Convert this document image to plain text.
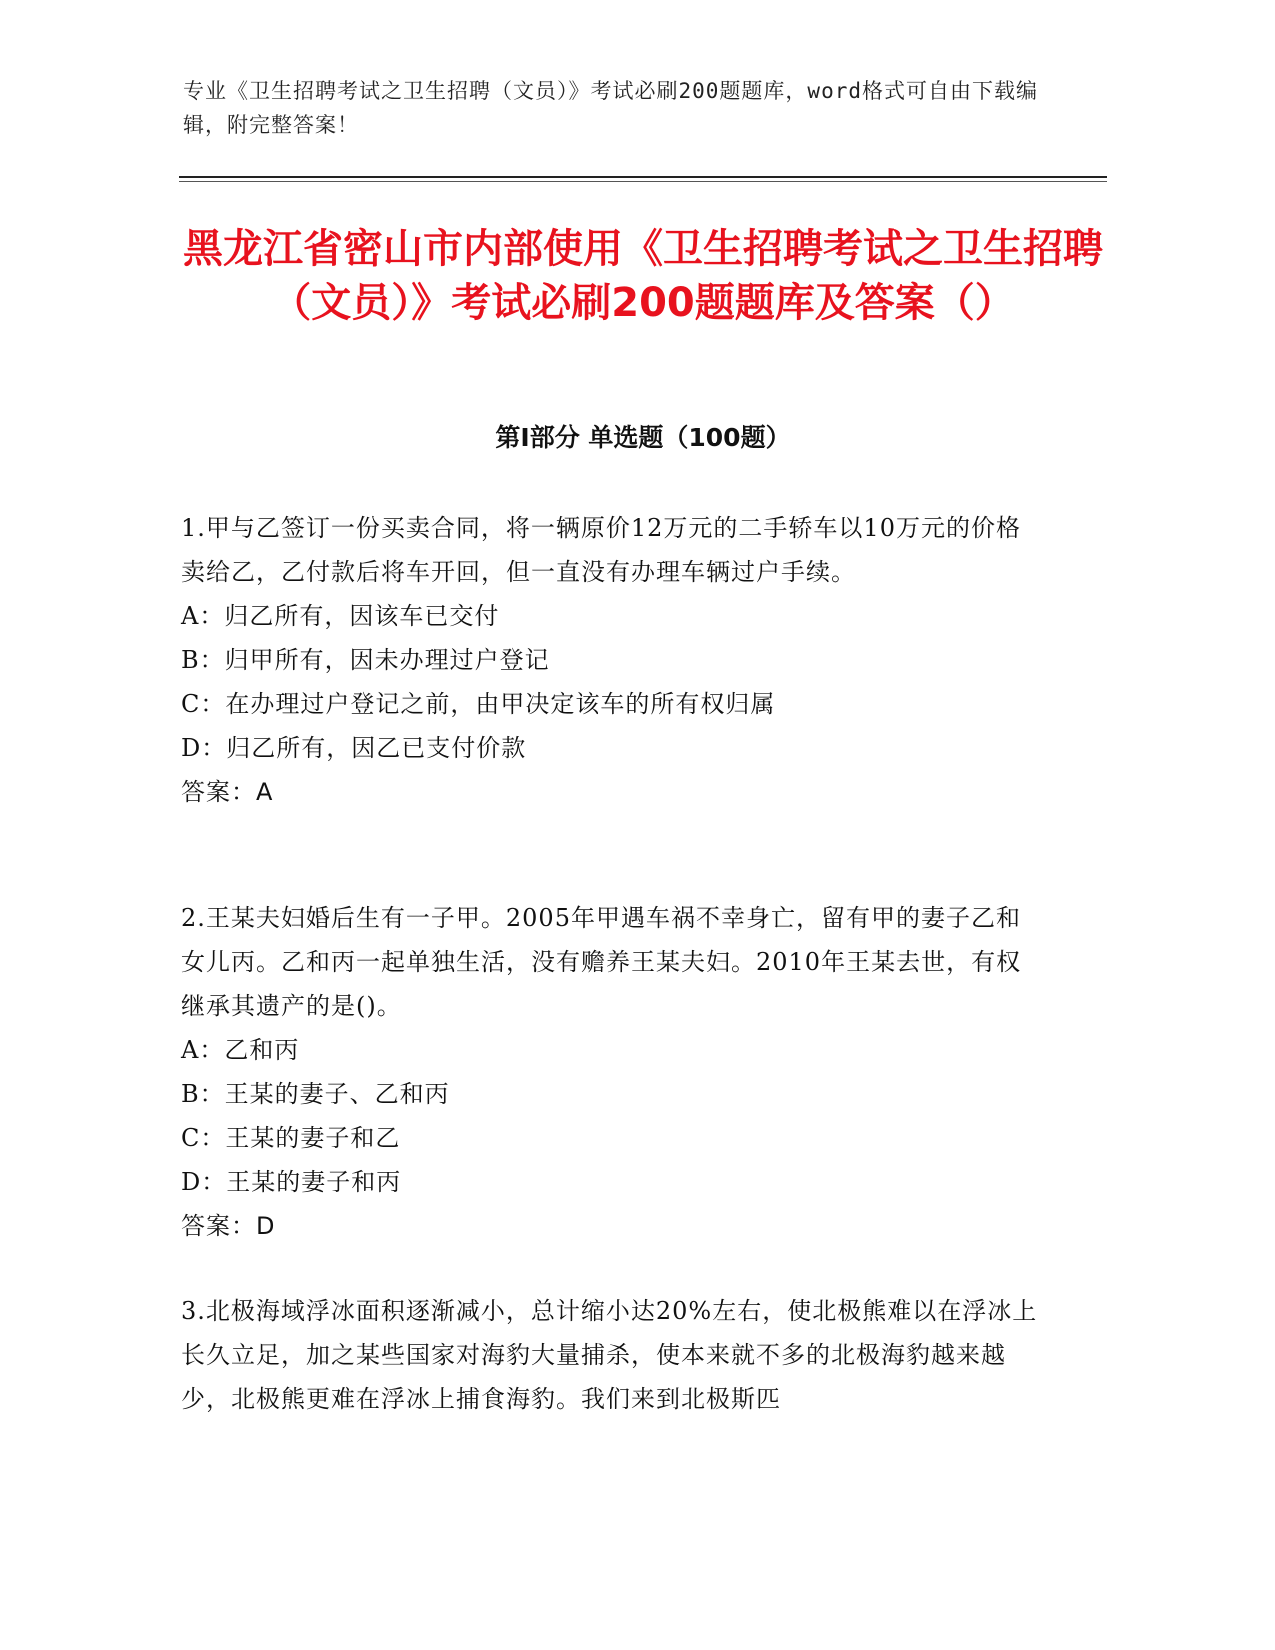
专业《卫生招聘考试之卫生招聘（文员）》考试必刷200题题库，word格式可自由下载编辑，附完整答案！
黑龙江省密山市内部使用《卫生招聘考试之卫生招聘（文员）》考试必刷200题题库及答案（）
第Ⅰ部分 单选题（100题）

1.甲与乙签订一份买卖合同，将一辆原价12万元的二手轿车以10万元的价格卖给乙，乙付款后将车开回，但一直没有办理车辆过户手续。

A：归乙所有，因该车已交付

B：归甲所有，因未办理过户登记

C：在办理过户登记之前，由甲决定该车的所有权归属

D：归乙所有，因乙已支付价款

答案：A

2.王某夫妇婚后生有一子甲。2005年甲遇车祸不幸身亡，留有甲的妻子乙和女儿丙。乙和丙一起单独生活，没有赡养王某夫妇。2010年王某去世，有权继承其遗产的是()。

A：乙和丙

B：王某的妻子、乙和丙

C：王某的妻子和乙

D：王某的妻子和丙

答案：D

3.北极海域浮冰面积逐渐减小，总计缩小达20%左右，使北极熊难以在浮冰上长久立足，加之某些国家对海豹大量捕杀，使本来就不多的北极海豹越来越少，北极熊更难在浮冰上捕食海豹。我们来到北极斯匹
